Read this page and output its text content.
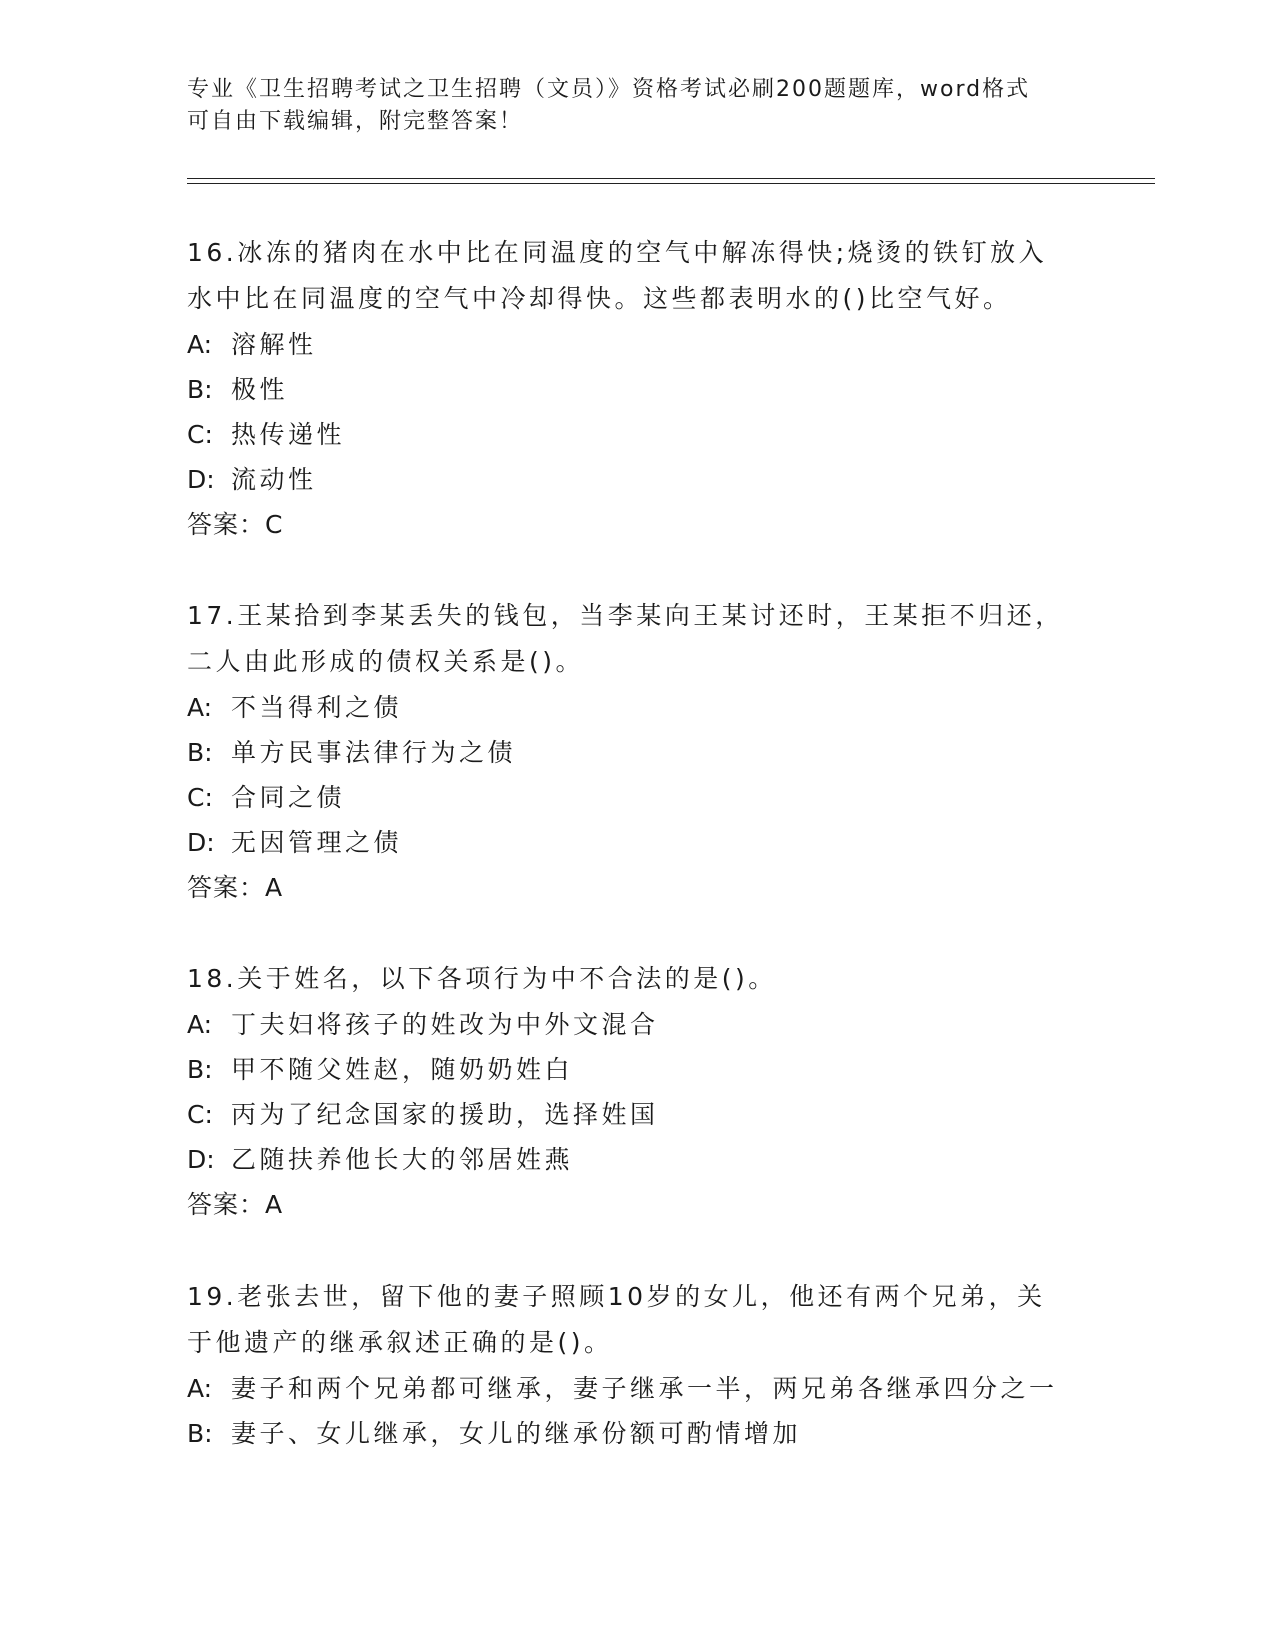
专业《卫生招聘考试之卫生招聘（文员）》资格考试必刷200题题库，word格式
可自由下载编辑，附完整答案！
16.冰冻的猪肉在水中比在同温度的空气中解冻得快;烧烫的铁钉放入
水中比在同温度的空气中冷却得快。这些都表明水的()比空气好。
A: 溶解性
B: 极性
C: 热传递性
D: 流动性
答案：C
17.王某拾到李某丢失的钱包，当李某向王某讨还时，王某拒不归还，
二人由此形成的债权关系是()。
A: 不当得利之债
B: 单方民事法律行为之债
C: 合同之债
D: 无因管理之债
答案：A
18.关于姓名，以下各项行为中不合法的是()。
A: 丁夫妇将孩子的姓改为中外文混合
B: 甲不随父姓赵，随奶奶姓白
C: 丙为了纪念国家的援助，选择姓国
D: 乙随扶养他长大的邻居姓燕
答案：A
19.老张去世，留下他的妻子照顾10岁的女儿，他还有两个兄弟，关
于他遗产的继承叙述正确的是()。
A: 妻子和两个兄弟都可继承，妻子继承一半，两兄弟各继承四分之一
B: 妻子、女儿继承，女儿的继承份额可酌情增加
